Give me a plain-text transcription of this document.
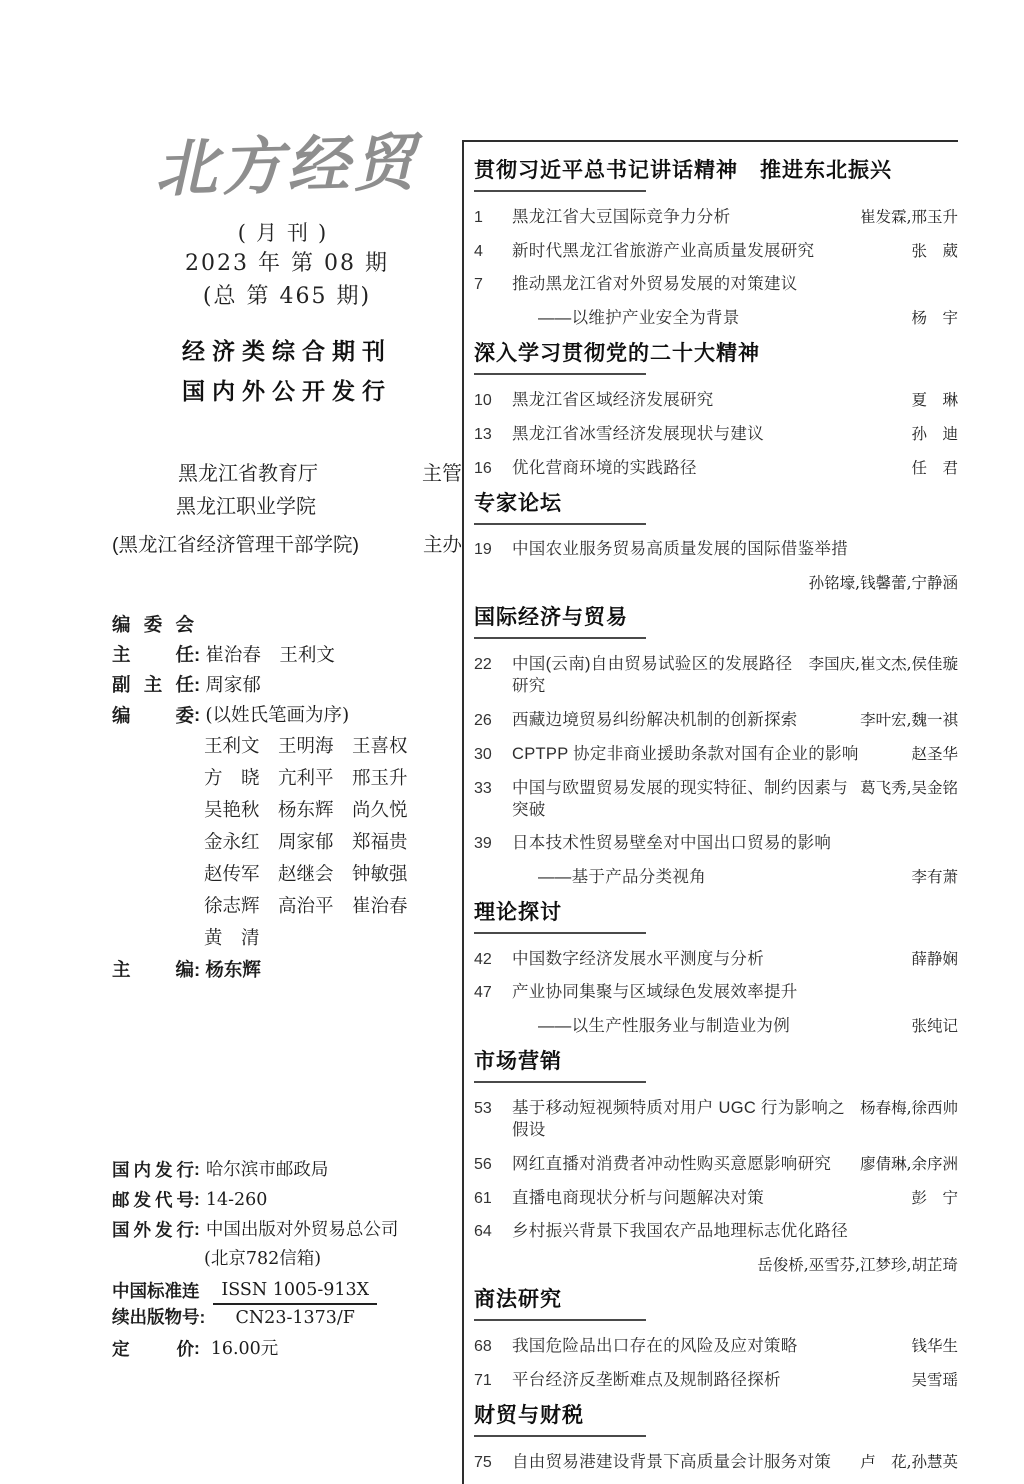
北方经贸
(月刊)
2023 年 第 08 期
(总 第 465 期)
经济类综合期刊
国内外公开发行
黑龙江省教育厅	主管
黑龙江职业学院
(黑龙江省经济管理干部学院)	主办
编委会
主任: 崔治春　王利文
副主任: 周家郁
编委: (以姓氏笔画为序)
王利文　王明海　王喜权
方　晓　亢利平　邢玉升
吴艳秋　杨东辉　尚久悦
金永红　周家郁　郑福贵
赵传军　赵继会　钟敏强
徐志辉　高治平　崔治春
黄　清
主编: 杨东辉
国内发行: 哈尔滨市邮政局
邮发代号: 14-260
国外发行: 中国出版对外贸易总公司
(北京782信箱)
中国标准连
续出版物号:
ISSN 1005-913X
CN23-1373/F
定价: 16.00元
贯彻习近平总书记讲话精神　推进东北振兴
1	黑龙江省大豆国际竞争力分析	崔发霖,邢玉升
4	新时代黑龙江省旅游产业高质量发展研究	张　葳
7	推动黑龙江省对外贸易发展的对策建议
——以维护产业安全为背景	杨　宇
深入学习贯彻党的二十大精神
10	黑龙江省区域经济发展研究	夏　琳
13	黑龙江省冰雪经济发展现状与建议	孙　迪
16	优化营商环境的实践路径	任　君
专家论坛
19	中国农业服务贸易高质量发展的国际借鉴举措
孙铭壕,钱馨蕾,宁静涵
国际经济与贸易
22	中国(云南)自由贸易试验区的发展路径研究
李国庆,崔文杰,侯佳璇
26	西藏边境贸易纠纷解决机制的创新探索	李叶宏,魏一祺
30	CPTPP 协定非商业援助条款对国有企业的影响	赵圣华
33	中国与欧盟贸易发展的现实特征、制约因素与突破
葛飞秀,吴金铭
39	日本技术性贸易壁垒对中国出口贸易的影响
——基于产品分类视角	李有萧
理论探讨
42	中国数字经济发展水平测度与分析	薛静娴
47	产业协同集聚与区域绿色发展效率提升
——以生产性服务业与制造业为例	张纯记
市场营销
53	基于移动短视频特质对用户 UGC 行为影响之假设
杨春梅,徐西帅
56	网红直播对消费者冲动性购买意愿影响研究	廖倩琳,余序洲
61	直播电商现状分析与问题解决对策	彭　宁
64	乡村振兴背景下我国农产品地理标志优化路径
岳俊桥,巫雪芬,江梦珍,胡芷琦
商法研究
68	我国危险品出口存在的风险及应对策略	钱华生
71	平台经济反垄断难点及规制路径探析	吴雪瑶
财贸与财税
75	自由贸易港建设背景下高质量会计服务对策	卢　花,孙慧英
